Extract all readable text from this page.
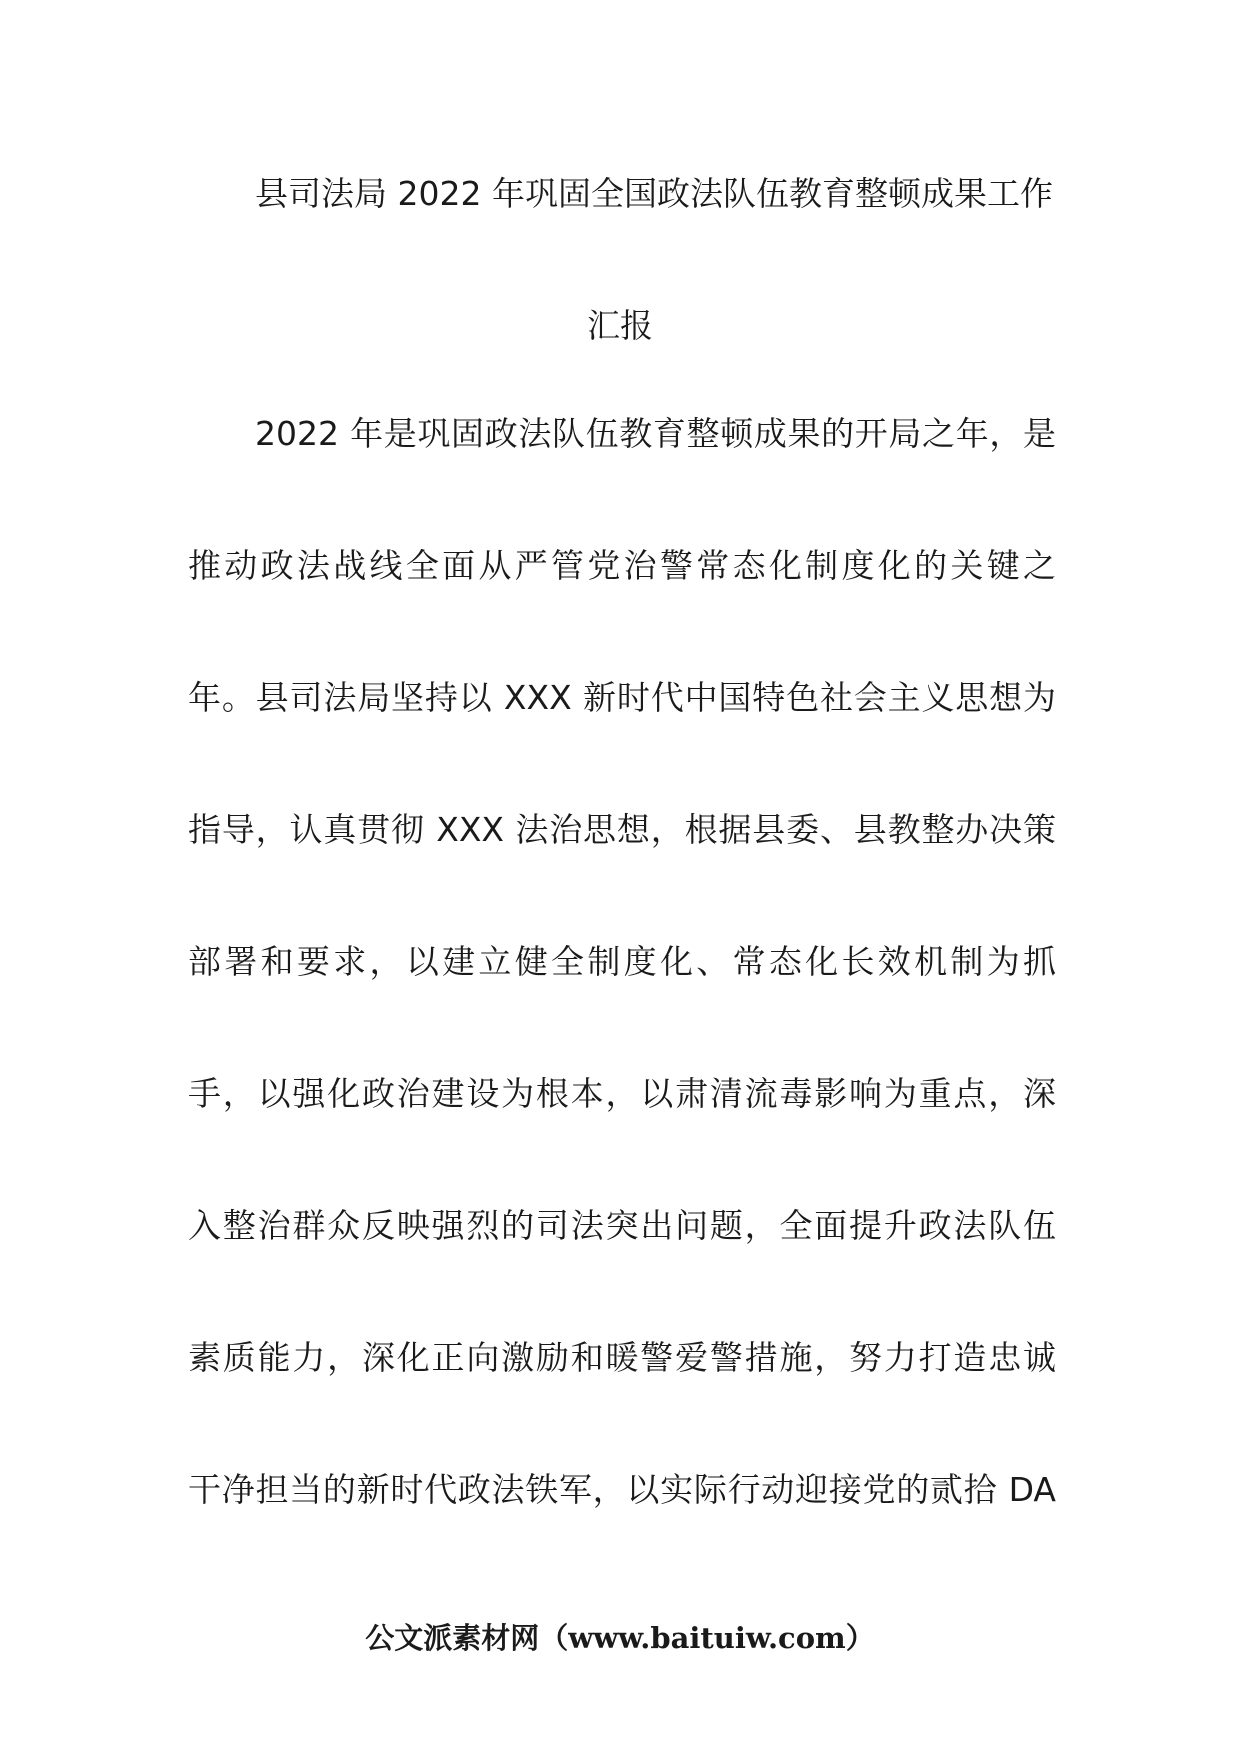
县司法局 2022 年巩固全国政法队伍教育整顿成果工作
汇报
2022 年是巩固政法队伍教育整顿成果的开局之年，是
推动政法战线全面从严管党治警常态化制度化的关键之
年。县司法局坚持以 XXX 新时代中国特色社会主义思想为
指导，认真贯彻 XXX 法治思想，根据县委、县教整办决策
部署和要求，以建立健全制度化、常态化长效机制为抓
手，以强化政治建设为根本，以肃清流毒影响为重点，深
入整治群众反映强烈的司法突出问题，全面提升政法队伍
素质能力，深化正向激励和暖警爱警措施，努力打造忠诚
干净担当的新时代政法铁军，以实际行动迎接党的贰拾 DA
公文派素材网（www.baituiw.com）
